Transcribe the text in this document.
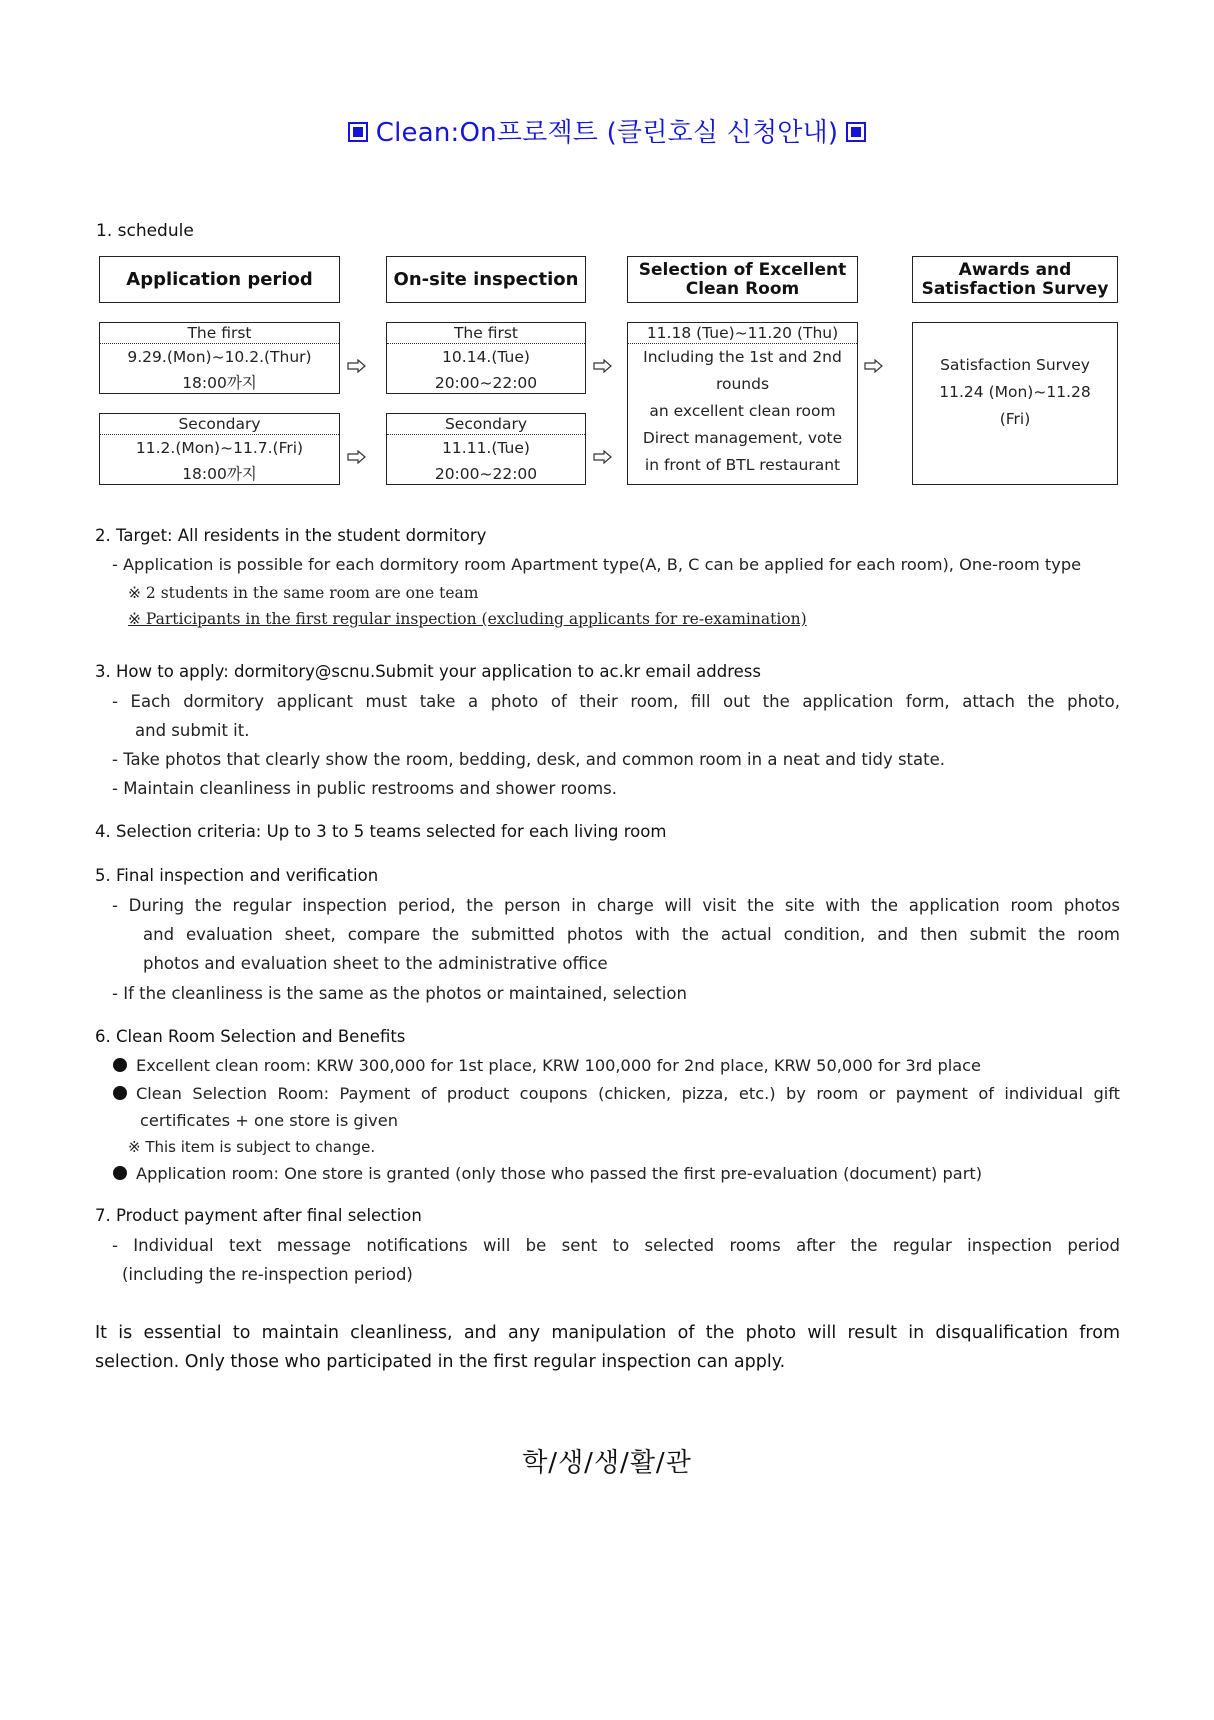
Clean:On프로젝트 (클린호실 신청안내)
1. schedule
Application period	On-site inspection	Selection of Excellent
Clean Room
Awards and
Satisfaction Survey
The first
9.29.(Mon)~10.2.(Thur)
18:00까지
Secondary
11.2.(Mon)~11.7.(Fri)
18:00까지
The first
10.14.(Tue)
20:00~22:00
Secondary
11.11.(Tue)
20:00~22:00
11.18 (Tue)~11.20 (Thu)
Including the 1st and 2nd
rounds
an excellent clean room
Direct management, vote
in front of BTL restaurant
Satisfaction Survey
11.24 (Mon)~11.28
(Fri)
2. Target: All residents in the student dormitory
- Application is possible for each dormitory room Apartment type(A, B, C can be applied for each room), One-room type
※ 2 students in the same room are one team
※ Participants in the first regular inspection (excluding applicants for re-examination)
3. How to apply: dormitory@scnu.Submit your application to ac.kr email address
- Each dormitory applicant must take a photo of their room, fill out the application form, attach the photo,
and submit it.
- Take photos that clearly show the room, bedding, desk, and common room in a neat and tidy state.
- Maintain cleanliness in public restrooms and shower rooms.
4. Selection criteria: Up to 3 to 5 teams selected for each living room
5. Final inspection and verification
- During the regular inspection period, the person in charge will visit the site with the application room photos
and evaluation sheet, compare the submitted photos with the actual condition, and then submit the room
photos and evaluation sheet to the administrative office
- If the cleanliness is the same as the photos or maintained, selection
6. Clean Room Selection and Benefits
Excellent clean room: KRW 300,000 for 1st place, KRW 100,000 for 2nd place, KRW 50,000 for 3rd place
Clean Selection Room: Payment of product coupons (chicken, pizza, etc.) by room or payment of individual gift
certificates + one store is given
※ This item is subject to change.
Application room: One store is granted (only those who passed the first pre-evaluation (document) part)
7. Product payment after final selection
- Individual text message notifications will be sent to selected rooms after the regular inspection period
(including the re-inspection period)
It is essential to maintain cleanliness, and any manipulation of the photo will result in disqualification from
selection. Only those who participated in the first regular inspection can apply.
학/생/생/활/관
